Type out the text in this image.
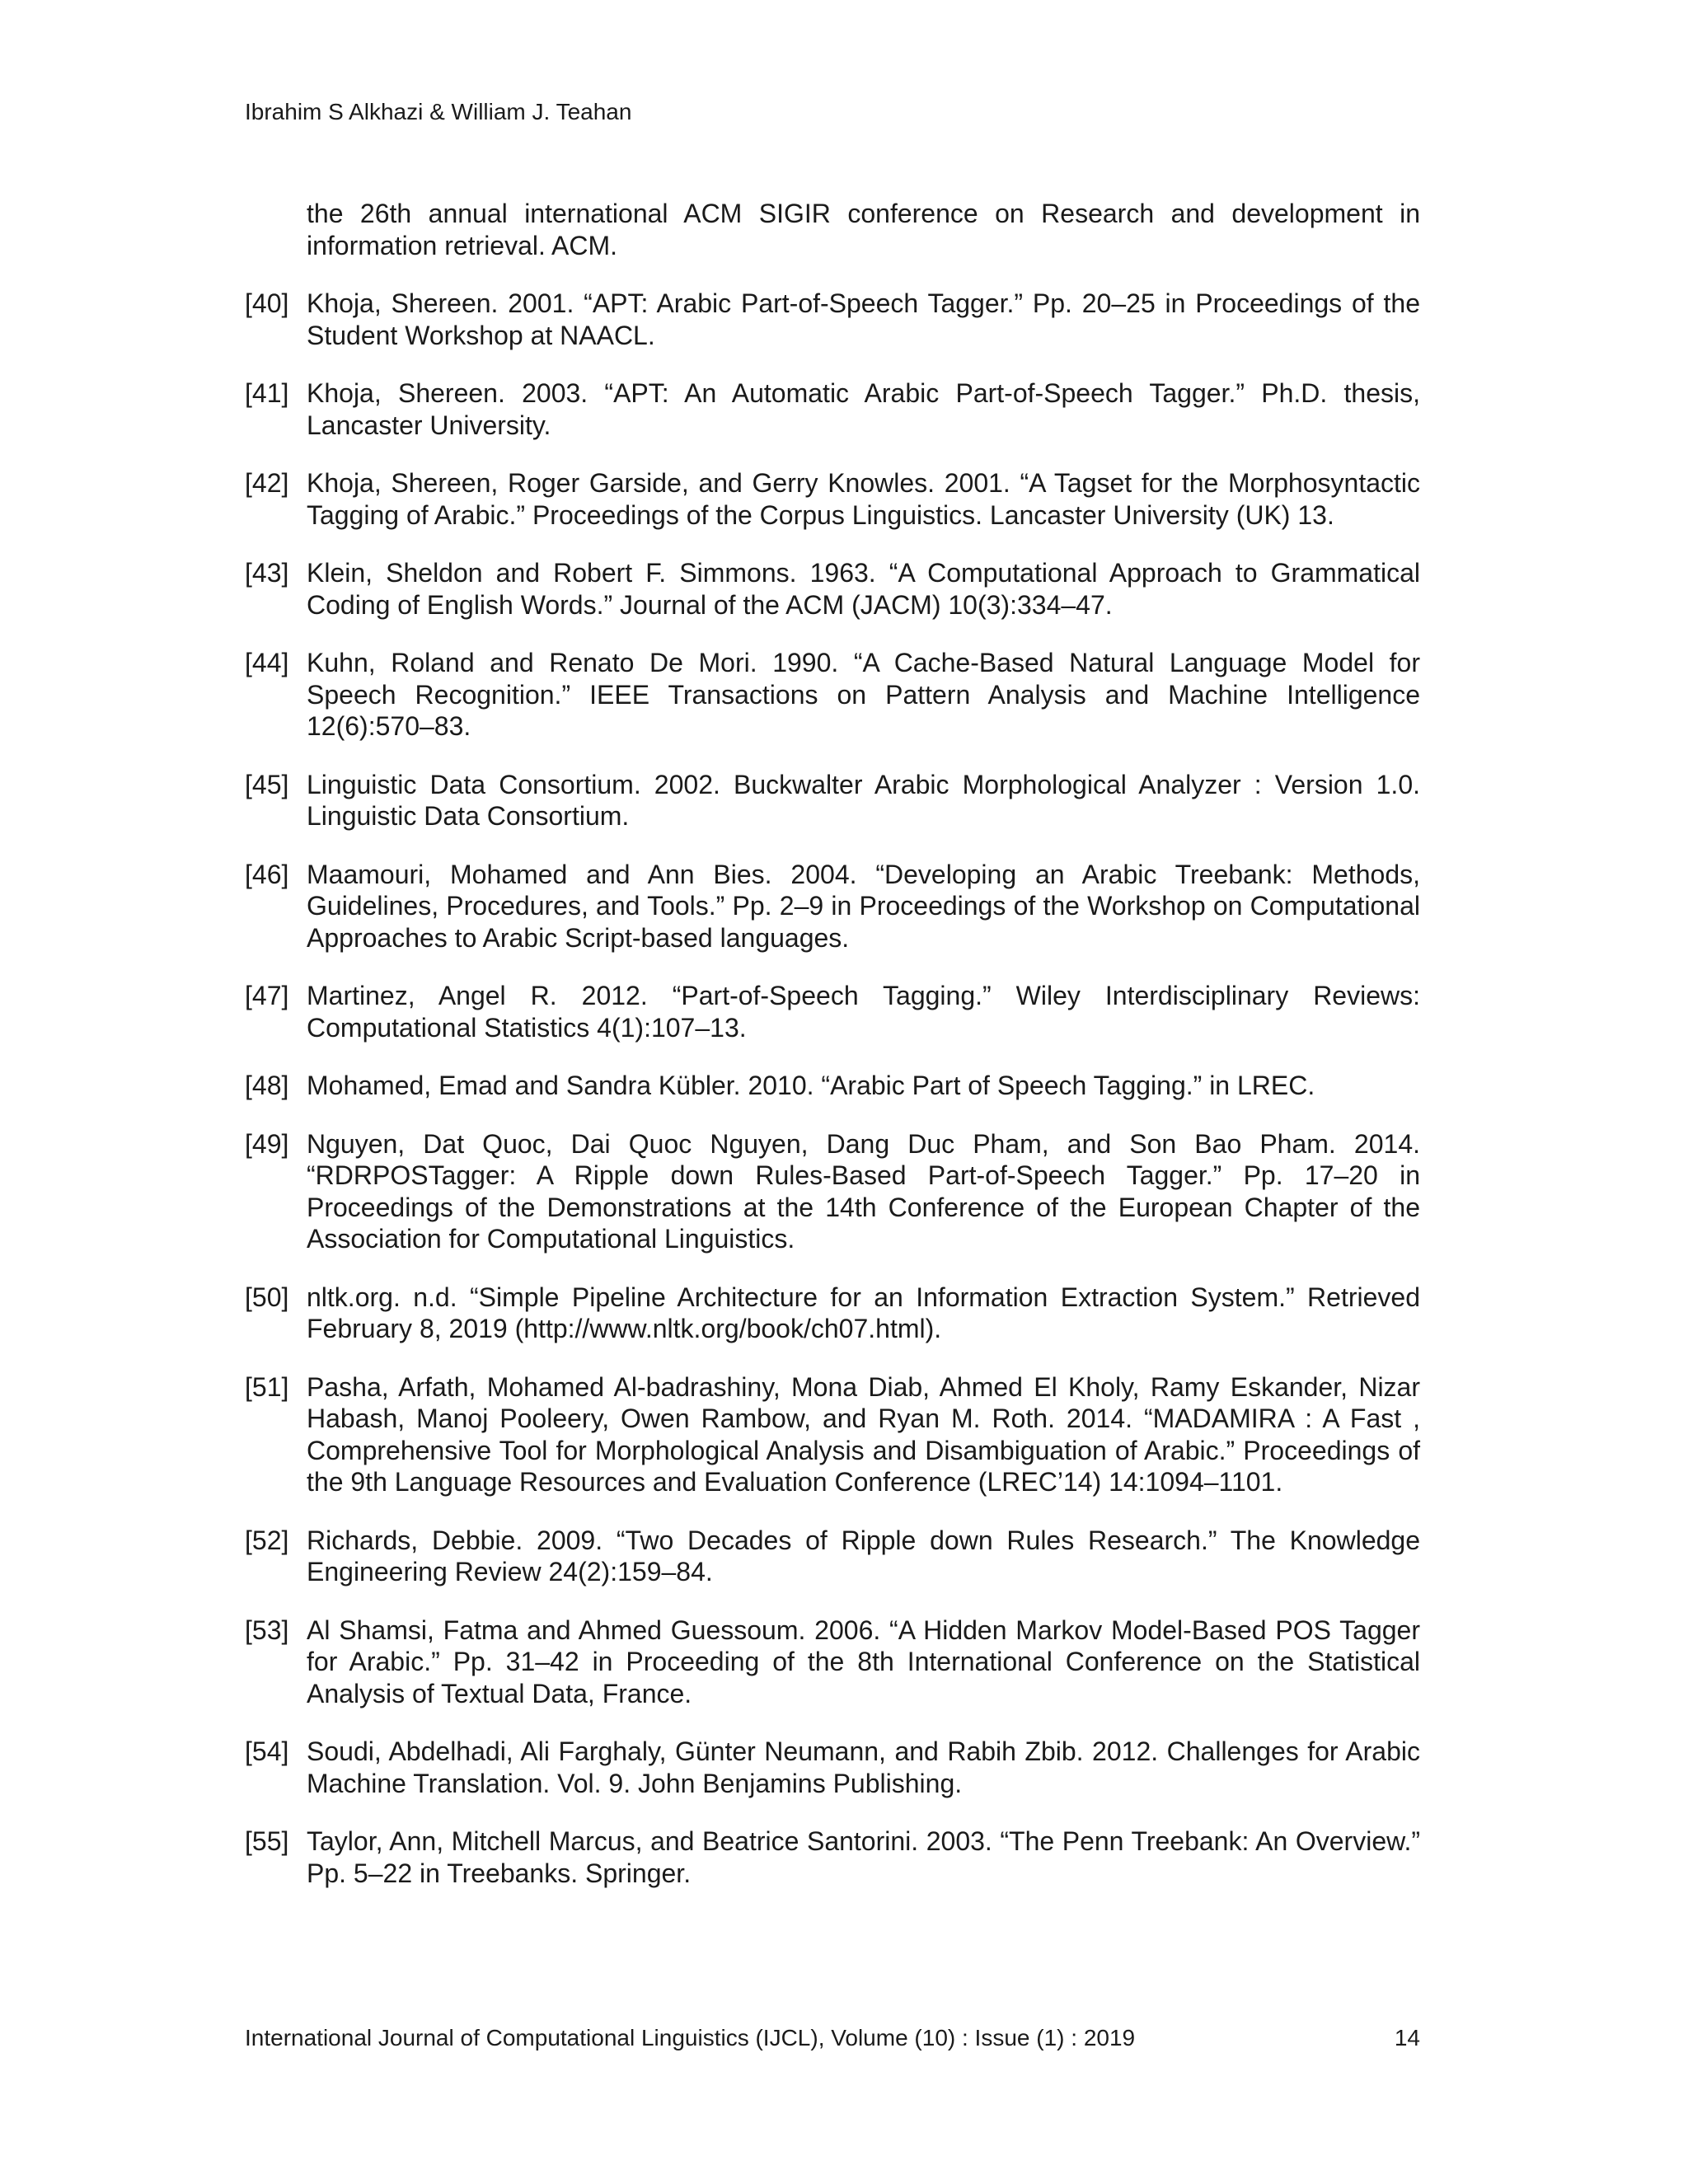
Ibrahim S Alkhazi & William J. Teahan
the 26th annual international ACM SIGIR conference on Research and development in information retrieval. ACM.
[40] Khoja, Shereen. 2001. “APT: Arabic Part-of-Speech Tagger.” Pp. 20–25 in Proceedings of the Student Workshop at NAACL.
[41] Khoja, Shereen. 2003. “APT: An Automatic Arabic Part-of-Speech Tagger.” Ph.D. thesis, Lancaster University.
[42] Khoja, Shereen, Roger Garside, and Gerry Knowles. 2001. “A Tagset for the Morphosyntactic Tagging of Arabic.” Proceedings of the Corpus Linguistics. Lancaster University (UK) 13.
[43] Klein, Sheldon and Robert F. Simmons. 1963. “A Computational Approach to Grammatical Coding of English Words.” Journal of the ACM (JACM) 10(3):334–47.
[44] Kuhn, Roland and Renato De Mori. 1990. “A Cache-Based Natural Language Model for Speech Recognition.” IEEE Transactions on Pattern Analysis and Machine Intelligence 12(6):570–83.
[45] Linguistic Data Consortium. 2002. Buckwalter Arabic Morphological Analyzer : Version 1.0. Linguistic Data Consortium.
[46] Maamouri, Mohamed and Ann Bies. 2004. “Developing an Arabic Treebank: Methods, Guidelines, Procedures, and Tools.” Pp. 2–9 in Proceedings of the Workshop on Computational Approaches to Arabic Script-based languages.
[47] Martinez, Angel R. 2012. “Part-of-Speech Tagging.” Wiley Interdisciplinary Reviews: Computational Statistics 4(1):107–13.
[48] Mohamed, Emad and Sandra Kübler. 2010. “Arabic Part of Speech Tagging.” in LREC.
[49] Nguyen, Dat Quoc, Dai Quoc Nguyen, Dang Duc Pham, and Son Bao Pham. 2014. “RDRPOSTagger: A Ripple down Rules-Based Part-of-Speech Tagger.” Pp. 17–20 in Proceedings of the Demonstrations at the 14th Conference of the European Chapter of the Association for Computational Linguistics.
[50] nltk.org. n.d. “Simple Pipeline Architecture for an Information Extraction System.” Retrieved February 8, 2019 (http://www.nltk.org/book/ch07.html).
[51] Pasha, Arfath, Mohamed Al-badrashiny, Mona Diab, Ahmed El Kholy, Ramy Eskander, Nizar Habash, Manoj Pooleery, Owen Rambow, and Ryan M. Roth. 2014. “MADAMIRA : A Fast , Comprehensive Tool for Morphological Analysis and Disambiguation of Arabic.” Proceedings of the 9th Language Resources and Evaluation Conference (LREC’14) 14:1094–1101.
[52] Richards, Debbie. 2009. “Two Decades of Ripple down Rules Research.” The Knowledge Engineering Review 24(2):159–84.
[53] Al Shamsi, Fatma and Ahmed Guessoum. 2006. “A Hidden Markov Model-Based POS Tagger for Arabic.” Pp. 31–42 in Proceeding of the 8th International Conference on the Statistical Analysis of Textual Data, France.
[54] Soudi, Abdelhadi, Ali Farghaly, Günter Neumann, and Rabih Zbib. 2012. Challenges for Arabic Machine Translation. Vol. 9. John Benjamins Publishing.
[55] Taylor, Ann, Mitchell Marcus, and Beatrice Santorini. 2003. “The Penn Treebank: An Overview.” Pp. 5–22 in Treebanks. Springer.
International Journal of Computational Linguistics (IJCL), Volume (10) : Issue (1) : 2019	14
